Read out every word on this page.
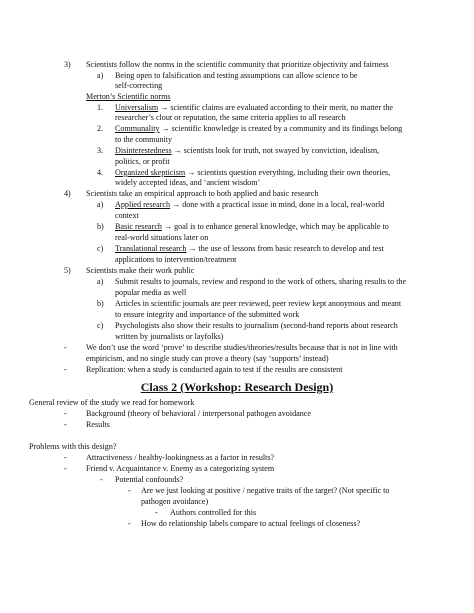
3) Scientists follow the norms in the scientific community that prioritize objectivity and fairness
a) Being open to falsification and testing assumptions can allow science to be
self-correcting
Merton’s Scientific norms
1. Universalism → scientific claims are evaluated according to their merit, no matter the
researcher’s clout or reputation, the same criteria applies to all research
2. Communality → scientific knowledge is created by a community and its findings belong
to the community
3. Disinterestedness → scientists look for truth, not swayed by conviction, idealism,
politics, or profit
4. Organized skepticism → scientists question everything, including their own theories,
widely accepted ideas, and ‘ancient wisdom’
4) Scientists take an empirical approach to both applied and basic research
a) Applied research → done with a practical issue in mind, done in a local, real-world
context
b) Basic research → goal is to enhance general knowledge, which may be applicable to
real-world situations later on
c) Translational research → the use of lessons from basic research to develop and test
applications to intervention/treatment
5) Scientists make their work public
a) Submit results to journals, review and respond to the work of others, sharing results to the
popular media as well
b) Articles in scientific journals are peer reviewed, peer review kept anonymous and meant
to ensure integrity and importance of the submitted work
c) Psychologists also show their results to journalism (second-hand reports about research
written by journalists or layfolks)
- We don’t use the word ‘prove’ to describe studies/theories/results because that is not in line with
empiricism, and no single study can prove a theory (say ‘supports’ instead)
- Replication: when a study is conducted again to test if the results are consistent
Class 2 (Workshop: Research Design)
General review of the study we read for homework
- Background (theory of behavioral / interpersonal pathogen avoidance
- Results
Problems with this design?
- Attractiveness / healthy-lookingness as a factor in results?
- Friend v. Acquaintance v. Enemy as a categorizing system
- Potential confounds?
- Are we just looking at positive / negative traits of the target? (Not specific to
pathogen avoidance)
- Authors controlled for this
- How do relationship labels compare to actual feelings of closeness?
